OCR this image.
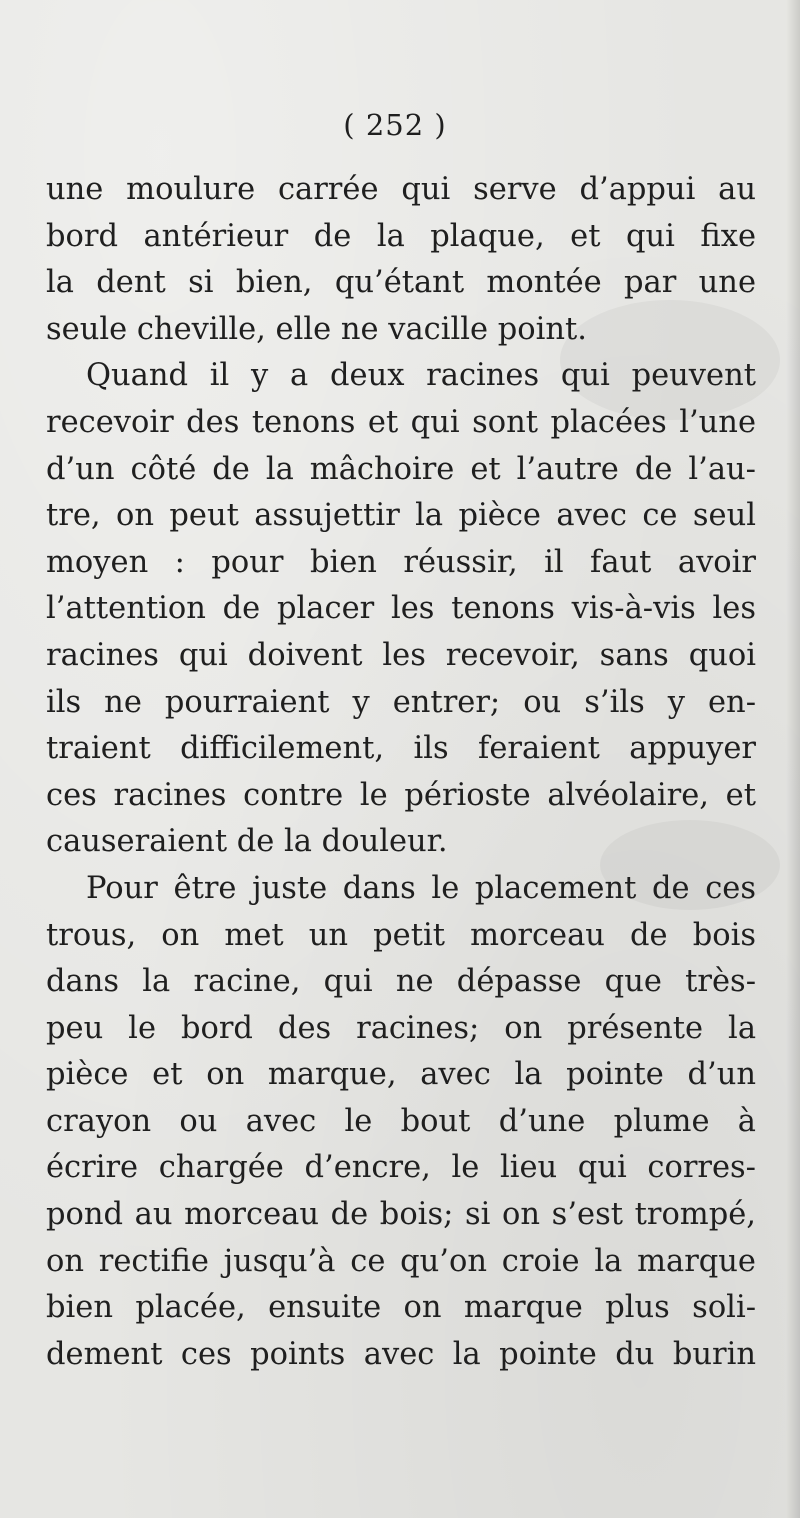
( 252 )
une moulure carrée qui serve d’appui au
bord antérieur de la plaque, et qui fixe
la dent si bien, qu’étant montée par une
seule cheville, elle ne vacille point.
Quand il y a deux racines qui peuvent
recevoir des tenons et qui sont placées l’une
d’un côté de la mâchoire et l’autre de l’au-
tre, on peut assujettir la pièce avec ce seul
moyen : pour bien réussir, il faut avoir
l’attention de placer les tenons vis-à-vis les
racines qui doivent les recevoir, sans quoi
ils ne pourraient y entrer; ou s’ils y en-
traient difficilement, ils feraient appuyer
ces racines contre le périoste alvéolaire, et
causeraient de la douleur.
Pour être juste dans le placement de ces
trous, on met un petit morceau de bois
dans la racine, qui ne dépasse que très-
peu le bord des racines; on présente la
pièce et on marque, avec la pointe d’un
crayon ou avec le bout d’une plume à
écrire chargée d’encre, le lieu qui corres-
pond au morceau de bois; si on s’est trompé,
on rectifie jusqu’à ce qu’on croie la marque
bien placée, ensuite on marque plus soli-
dement ces points avec la pointe du burin
